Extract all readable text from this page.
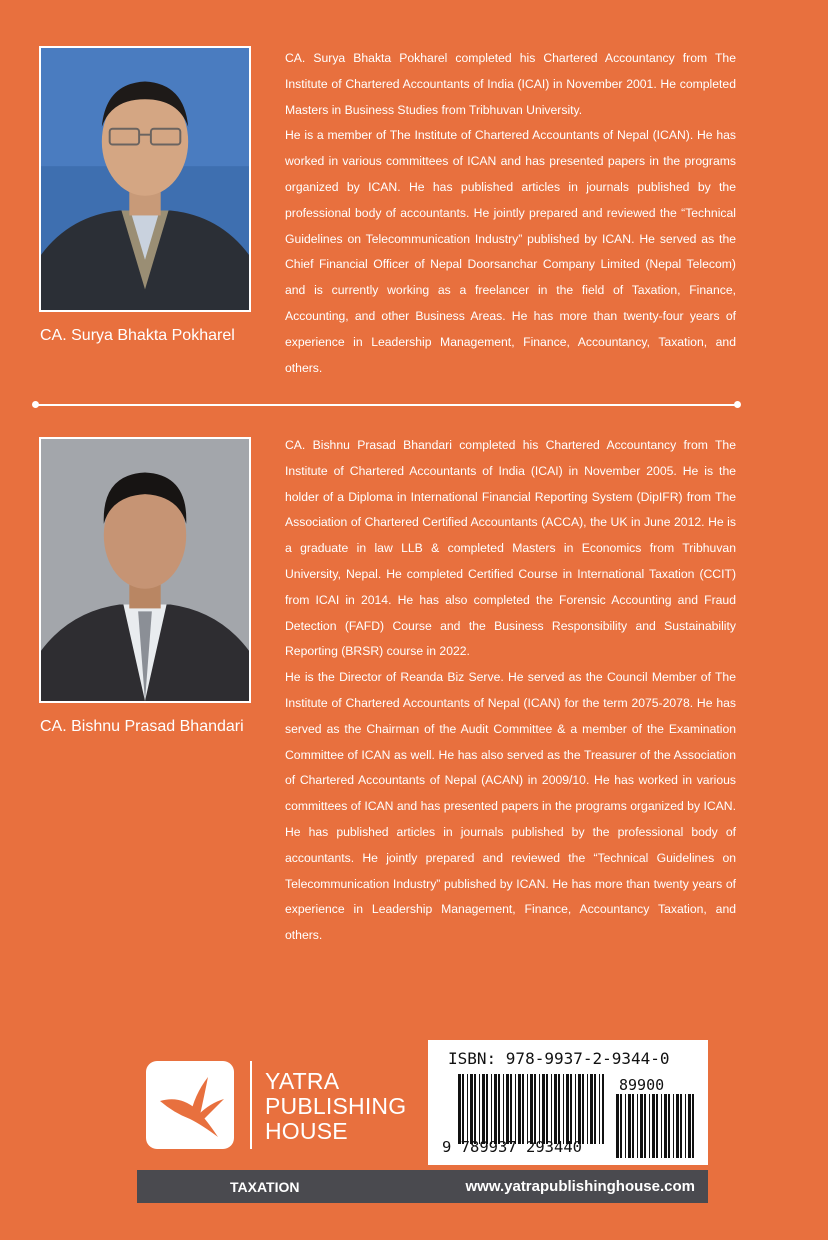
CA. Surya Bhakta Pokharel

CA. Surya Bhakta Pokharel completed his Chartered Accountancy from The Institute of Chartered Accountants of India (ICAI) in November 2001. He completed Masters in Business Studies from Tribhuvan University.

He is a member of The Institute of Chartered Accountants of Nepal (ICAN). He has worked in various committees of ICAN and has presented papers in the programs organized by ICAN. He has published articles in journals published by the professional body of accountants. He jointly prepared and reviewed the “Technical Guidelines on Telecommunication Industry” published by ICAN. He served as the Chief Financial Officer of Nepal Doorsanchar Company Limited (Nepal Telecom) and is currently working as a freelancer in the field of Taxation, Finance, Accounting, and other Business Areas. He has more than twenty-four years of experience in Leadership Management, Finance, Accountancy, Taxation, and others.

CA. Bishnu Prasad Bhandari

CA. Bishnu Prasad Bhandari completed his Chartered Accountancy from The Institute of Chartered Accountants of India (ICAI) in November 2005. He is the holder of a Diploma in International Financial Reporting System (DipIFR) from The Association of Chartered Certified Accountants (ACCA), the UK in June 2012. He is a graduate in law LLB & completed Masters in Economics from Tribhuvan University, Nepal. He completed Certified Course in International Taxation (CCIT) from ICAI in 2014. He has also completed the Forensic Accounting and Fraud Detection (FAFD) Course and the Business Responsibility and Sustainability Reporting (BRSR) course in 2022.

He is the Director of Reanda Biz Serve. He served as the Council Member of The Institute of Chartered Accountants of Nepal (ICAN) for the term 2075-2078. He has served as the Chairman of the Audit Committee & a member of the Examination Committee of ICAN as well. He has also served as the Treasurer of the Association of Chartered Accountants of Nepal (ACAN) in 2009/10. He has worked in various committees of ICAN and has presented papers in the programs organized by ICAN. He has published articles in journals published by the professional body of accountants. He jointly prepared and reviewed the “Technical Guidelines on Telecommunication Industry” published by ICAN. He has more than twenty years of experience in Leadership Management, Finance, Accountancy Taxation, and others.

YATRA
PUBLISHING
HOUSE
ISBN: 978-9937-2-9344-0
89900
9 789937 293440
TAXATION	www.yatrapublishinghouse.com
